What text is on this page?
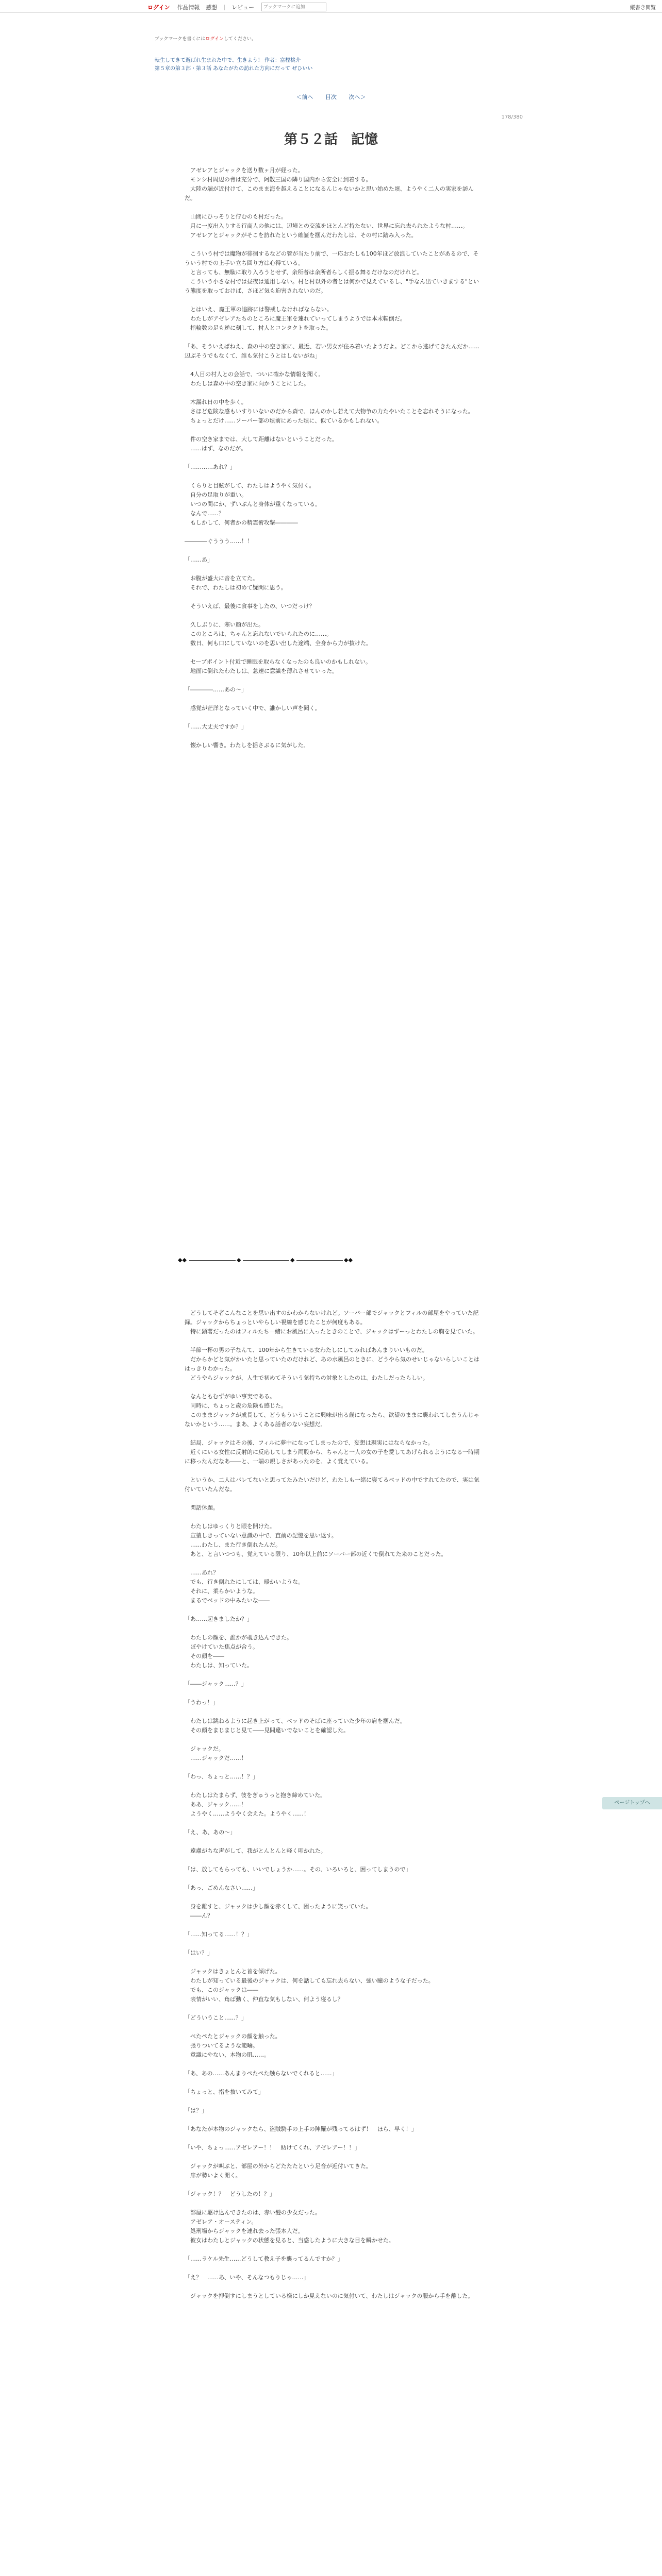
ログイン 作品情報 感想 | レビュー	ブックマークに追加	縦書き閲覧
ブックマークを書くにはログインしてください。
転生してきて遊ばれ生まれた中で、生きよう！ 作者：富樫桃介
第５章の第３部・第３話 あなたがたの訪れた方向にだって ぜひいい
＜前へ 目次 次へ＞
178/380
第５２話　記憶

　アゼレアとジャックを送り数ヶ月が経った。
　モンシ村周辺の脅は充分で、阿散三国の隣り国内から安全に到着する。
　大陸の端が近付けて、このまま海を越えることになるんじゃないかと思い始めた頃、ようやく二人の実家を訪んだ。

　山間にひっそりと佇むのも村だった。
　月に一度出入りする行商人の他には、辺境との交流をほとんど持たない、世界に忘れ去られたような村……。
　アゼレアとジャックがそこを訪れたという確証を掴んだわたしは、その村に踏み入った。

　こういう村では魔物が徘徊するなどの管が当たり前で、一応おたしも100年ほど放浪していたことがあるので、そういう村での上手い立ち回り方は心得ている。
　と言っても、無駄に取り入ろうとせず、余所者は余所者らしく振る舞るだけなのだけれど。
　こういう小さな村では昼夜は通用しない。村と村以外の者とは何かで見えているし、"手なん出ていきまする"という態度を取っておけば、さほど気も迫害されないのだ。

　とはいえ、魔王軍の追跡には警戒しなければならない。
　わたしがアゼレアたちのところに魔王軍を連れていってしまうようでは本末転倒だ。
　指輪数の足も逆に刻して、村人とコンタクトを取った。

「あ、そういえばねえ、森の中の空き家に、最近、若い男女が住み着いたようだよ。どこから逃げてきたんだか……辺ぶそうでもなくて、誰も気付こうとはしないがね」

　4人目の村人との会話で、ついに確かな情報を聞く。
　わたしは森の中の空き家に向かうことにした。

　木漏れ日の中を歩く。
　さほど危険な感もいすりいないのだから森で、ほんのかし若えて大物争の力たやいたことを忘れそうになった。
　ちょっとだけ……ソーバー部の頃前にあった頃に、似ているかもしれない。

　件の空き家までは、大して距離はないということだった。
　……はず、なのだが。

「…………あれ？」

　くらりと目眩がして、わたしはようやく気付く。
　自分の足取りが重い。
　いつの間にか、ずいぶんと身体が重くなっている。
　なんで……？
　もしかして、何者かの精霊術攻撃――――

――――ぐううう……！！

「……あ」

　お腹が盛大に音を立てた。
　それで、わたしは初めて疑問に思う。

　そういえば、最後に食事をしたの、いつだっけ？

　久しぶりに、寒い顔が出た。
　このところは、ちゃんと忘れないでいられたのに……。
　数日、何も口にしていないのを思い出した途端、全身から力が抜けた。

　セーブポイント付近で睡眠を取らなくなったのも良いのかもしれない。
　地面に倒れたわたしは、急速に意識を薄れさせていった。

「――――……あの～」

　感覚が茫洋となっていく中で、誰かしい声を聞く。

「……大丈夫ですか？」

　懐かしい響き。わたしを揺さぶるに気がした。

◆◆	◆	◆	◆◆

　どうしてそ者こんなことを思い出すのかわからないけれど。ソーバー部でジャックとフィルの部屋をやっていた記録。ジャックからちょっといやらしい視線を感じたことが何度もある。
　特に顕著だったのはフィルたち一緒にお風呂に入ったときのことで、ジャックはずーっとわたしの胸を見ていた。

　半節一杯の男の子なんて、100年から生きている女わたしにしてみればあんまりいいものだ。
　だからかどと気がかいたと思っていたのだけれど、あの水風呂のときに、どうやら気のせいじゃないらしいことははっきりわかった。
　どうやらジャックが、人生で初めてそういう気持ちの対象としたのは、わたしだったらしい。

　なんともむずがゆい事実である。
　同時に、ちょっと歳の危険も感じた。
　このままジャックが成長して、どうもういうことに興味が出る歳になったら、欲望のままに襲われてしまうんじゃないかという……。まあ、よくある話者のない妄想だ。

　結局、ジャックはその後、フィルに夢中になってしまったので、妄想は現実にはならなかった。
　近くにいる女性に反射的に反応してしまう両股から、ちゃんと一人の女の子を愛してあげられるようになる一時期に移ったんだなあ――と、一端の親しさがあったのを、よく覚えている。

　というか、二人はバレてないと思ってたみたいだけど、わたしも一緒に寝てるベッドの中ですれてたので、実は気付いていたんだな。

　閑話休題。

　わたしはゆっくりと眼を開けた。
　宣猿しきっていない意識の中で、直前の記憶を思い返す。
　……わたし、また行き倒れたんだ。
　あと、と言いつつも、覚えている限り、10年以上前にソーバー部の近くで倒れてた来のことだった。

　……あれ？
　でも、行き倒れたにしては、暖かいような。
　それに、柔らかいような。
　まるでベッドの中みたいな――

「あ……起きましたか？」

　わたしの顔を、誰かが覗き込んできた。
　ぼやけていた焦点が合う。
　その顔を――
　わたしは、知っていた。

「――ジャック……？」

「うわっ！」

　わたしは跳ねるように起き上がって、ベッドのそばに座っていた少年の肩を掴んだ。
　その顔をまじまじと見て――見間違いでないことを確認した。

　ジャックだ。
　……ジャックだ……！

「わっ、ちょっと……！？」

　わたしはたまらず、彼をぎゅうっと抱き締めていた。
　ああ、ジャック……！
　ようやく……ようやく会えた。ようやく……！

「え、あ、あの～」

　遠慮がちな声がして、我がとんとんと軽く叩かれた。

「は、放してもらっても、いいでしょうか……。その、いろいろと、困ってしまうので」

「あっ、ごめんなさい……」

　身を離すと、ジャックは少し顔を赤くして、困ったように笑っていた。
　――ん？

「……知ってる……！？」

「はい？」

　ジャックはきょとんと首を傾げた。
　わたしが知っている最後のジャックは、何を話しても忘れ去らない、強い瞳のような子だった。
　でも、このジャックは――
　表情がいい、角ば動く、仲直な気もしない、何よう寝るし？

「どういうこと……？」

　ぺたぺたとジャックの顔を触った。
　張りついてるような範疇。
　意識にやない、本物の肌……。

「あ、あの……あんまりぺたぺた触らないでくれると……」

「ちょっと、指を抜いてみて」

「は？」

「あなたが本物のジャックなら、盗賊騎手の上手の陣羅が残ってるはず！　ほら、早く！」

「いや、ちょっ……アゼレアー！！　助けてくれ、アゼレアー！！」

　ジャックが叫ぶと、部屋の外からどたたたという足音が近付いてきた。
　扉が勢いよく開く。

「ジャック！？　どうしたの！？」

　部屋に駆け込んできたのは、赤い髪の少女だった。
　アゼレア・オースティン。
　処刑場からジャックを連れ去った張本人だ。
　彼女はわたしとジャックの状態を見ると、当惑したように大きな目を瞬かせた。

「……ラケル先生……どうして教え子を襲ってるんですか？」

「え？　……あ、いや、そんなつもりじゃ……」

　ジャックを押倒すにしまうとしている様にしか見えないのに気付いて、わたしはジャックの服から手を離した。

ページトップへ
